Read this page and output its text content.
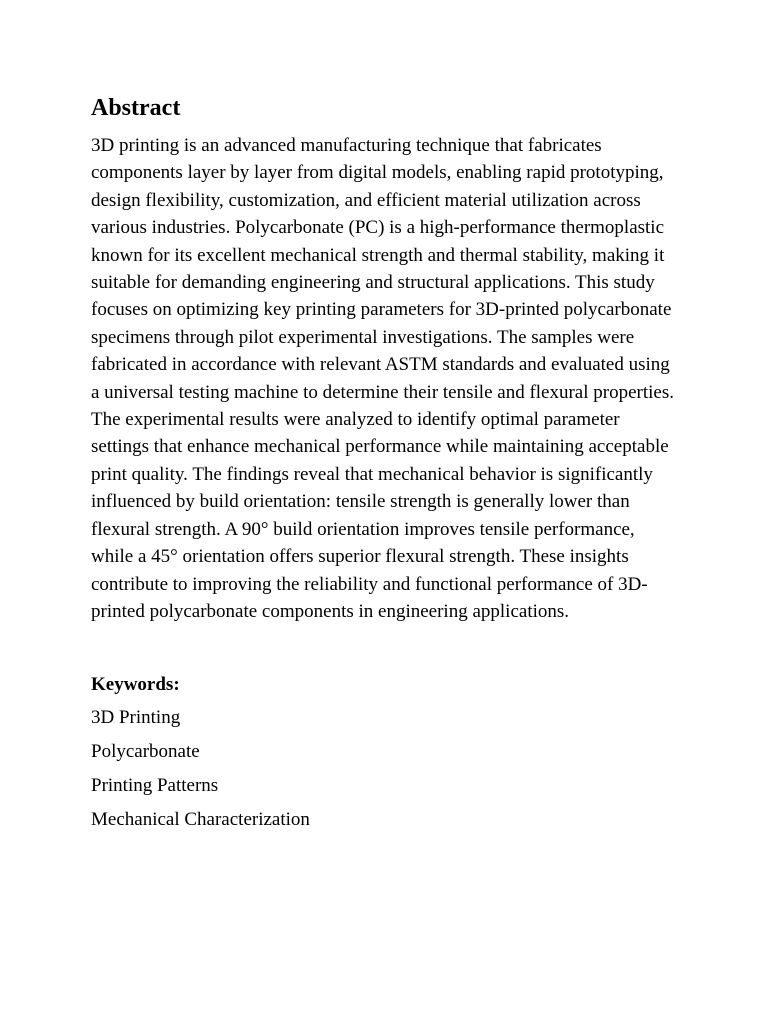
Abstract

3D printing is an advanced manufacturing technique that fabricates components layer by layer from digital models, enabling rapid prototyping, design flexibility, customization, and efficient material utilization across various industries. Polycarbonate (PC) is a high-performance thermoplastic known for its excellent mechanical strength and thermal stability, making it suitable for demanding engineering and structural applications. This study focuses on optimizing key printing parameters for 3D-printed polycarbonate specimens through pilot experimental investigations. The samples were fabricated in accordance with relevant ASTM standards and evaluated using a universal testing machine to determine their tensile and flexural properties. The experimental results were analyzed to identify optimal parameter settings that enhance mechanical performance while maintaining acceptable print quality. The findings reveal that mechanical behavior is significantly influenced by build orientation: tensile strength is generally lower than flexural strength. A 90° build orientation improves tensile performance, while a 45° orientation offers superior flexural strength. These insights contribute to improving the reliability and functional performance of 3D-printed polycarbonate components in engineering applications.

Keywords:
3D Printing
Polycarbonate
Printing Patterns
Mechanical Characterization
